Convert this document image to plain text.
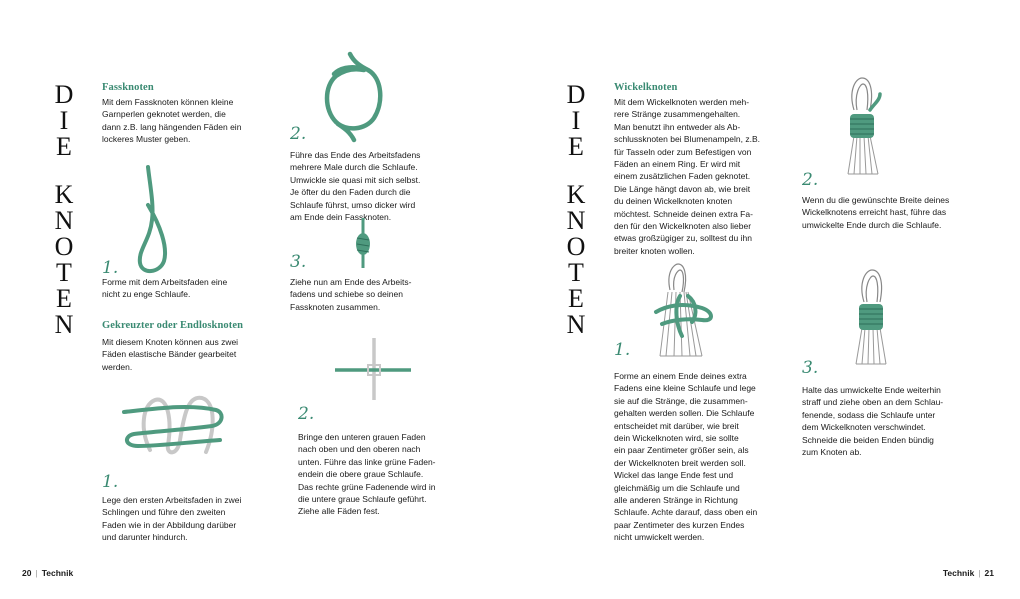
D
I
E
K
N
O
T
E
N
Fassknoten
Mit dem Fassknoten können kleine
Garnperlen geknotet werden, die
dann z.B. lang hängenden Fäden ein
lockeres Muster geben.
1.
Forme mit dem Arbeitsfaden eine
nicht zu enge Schlaufe.
Gekreuzter oder Endlosknoten
Mit diesem Knoten können aus zwei
Fäden elastische Bänder gearbeitet
werden.
1.
Lege den ersten Arbeitsfaden in zwei
Schlingen und führe den zweiten
Faden wie in der Abbildung darüber
und darunter hindurch.
2.
Führe das Ende des Arbeitsfadens
mehrere Male durch die Schlaufe.
Umwickle sie quasi mit sich selbst.
Je öfter du den Faden durch die
Schlaufe führst, umso dicker wird
am Ende dein Fassknoten.
3.
Ziehe nun am Ende des Arbeits-
fadens und schiebe so deinen
Fassknoten zusammen.
2.
Bringe den unteren grauen Faden
nach oben und den oberen nach
unten. Führe das linke grüne Faden-
endein die obere graue Schlaufe.
Das rechte grüne Fadenende wird in
die untere graue Schlaufe geführt.
Ziehe alle Fäden fest.
20 | Technik
D
I
E
K
N
O
T
E
N
Wickelknoten
Mit dem Wickelknoten werden meh-
rere Stränge zusammengehalten.
Man benutzt ihn entweder als Ab-
schlussknoten bei Blumenampeln, z.B.
für Tasseln oder zum Befestigen von
Fäden an einem Ring. Er wird mit
einem zusätzlichen Faden geknotet.
Die Länge hängt davon ab, wie breit
du deinen Wickelknoten knoten
möchtest. Schneide deinen extra Fa-
den für den Wickelknoten also lieber
etwas großzügiger zu, solltest du ihn
breiter knoten wollen.
1.
Forme an einem Ende deines extra
Fadens eine kleine Schlaufe und lege
sie auf die Stränge, die zusammen-
gehalten werden sollen. Die Schlaufe
entscheidet mit darüber, wie breit
dein Wickelknoten wird, sie sollte
ein paar Zentimeter größer sein, als
der Wickelknoten breit werden soll.
Wickel das lange Ende fest und
gleichmäßig um die Schlaufe und
alle anderen Stränge in Richtung
Schlaufe. Achte darauf, dass oben ein
paar Zentimeter des kurzen Endes
nicht umwickelt werden.
2.
Wenn du die gewünschte Breite deines
Wickelknotens erreicht hast, führe das
umwickelte Ende durch die Schlaufe.
3.
Halte das umwickelte Ende weiterhin
straff und ziehe oben an dem Schlau-
fenende, sodass die Schlaufe unter
dem Wickelknoten verschwindet.
Schneide die beiden Enden bündig
zum Knoten ab.
Technik | 21
